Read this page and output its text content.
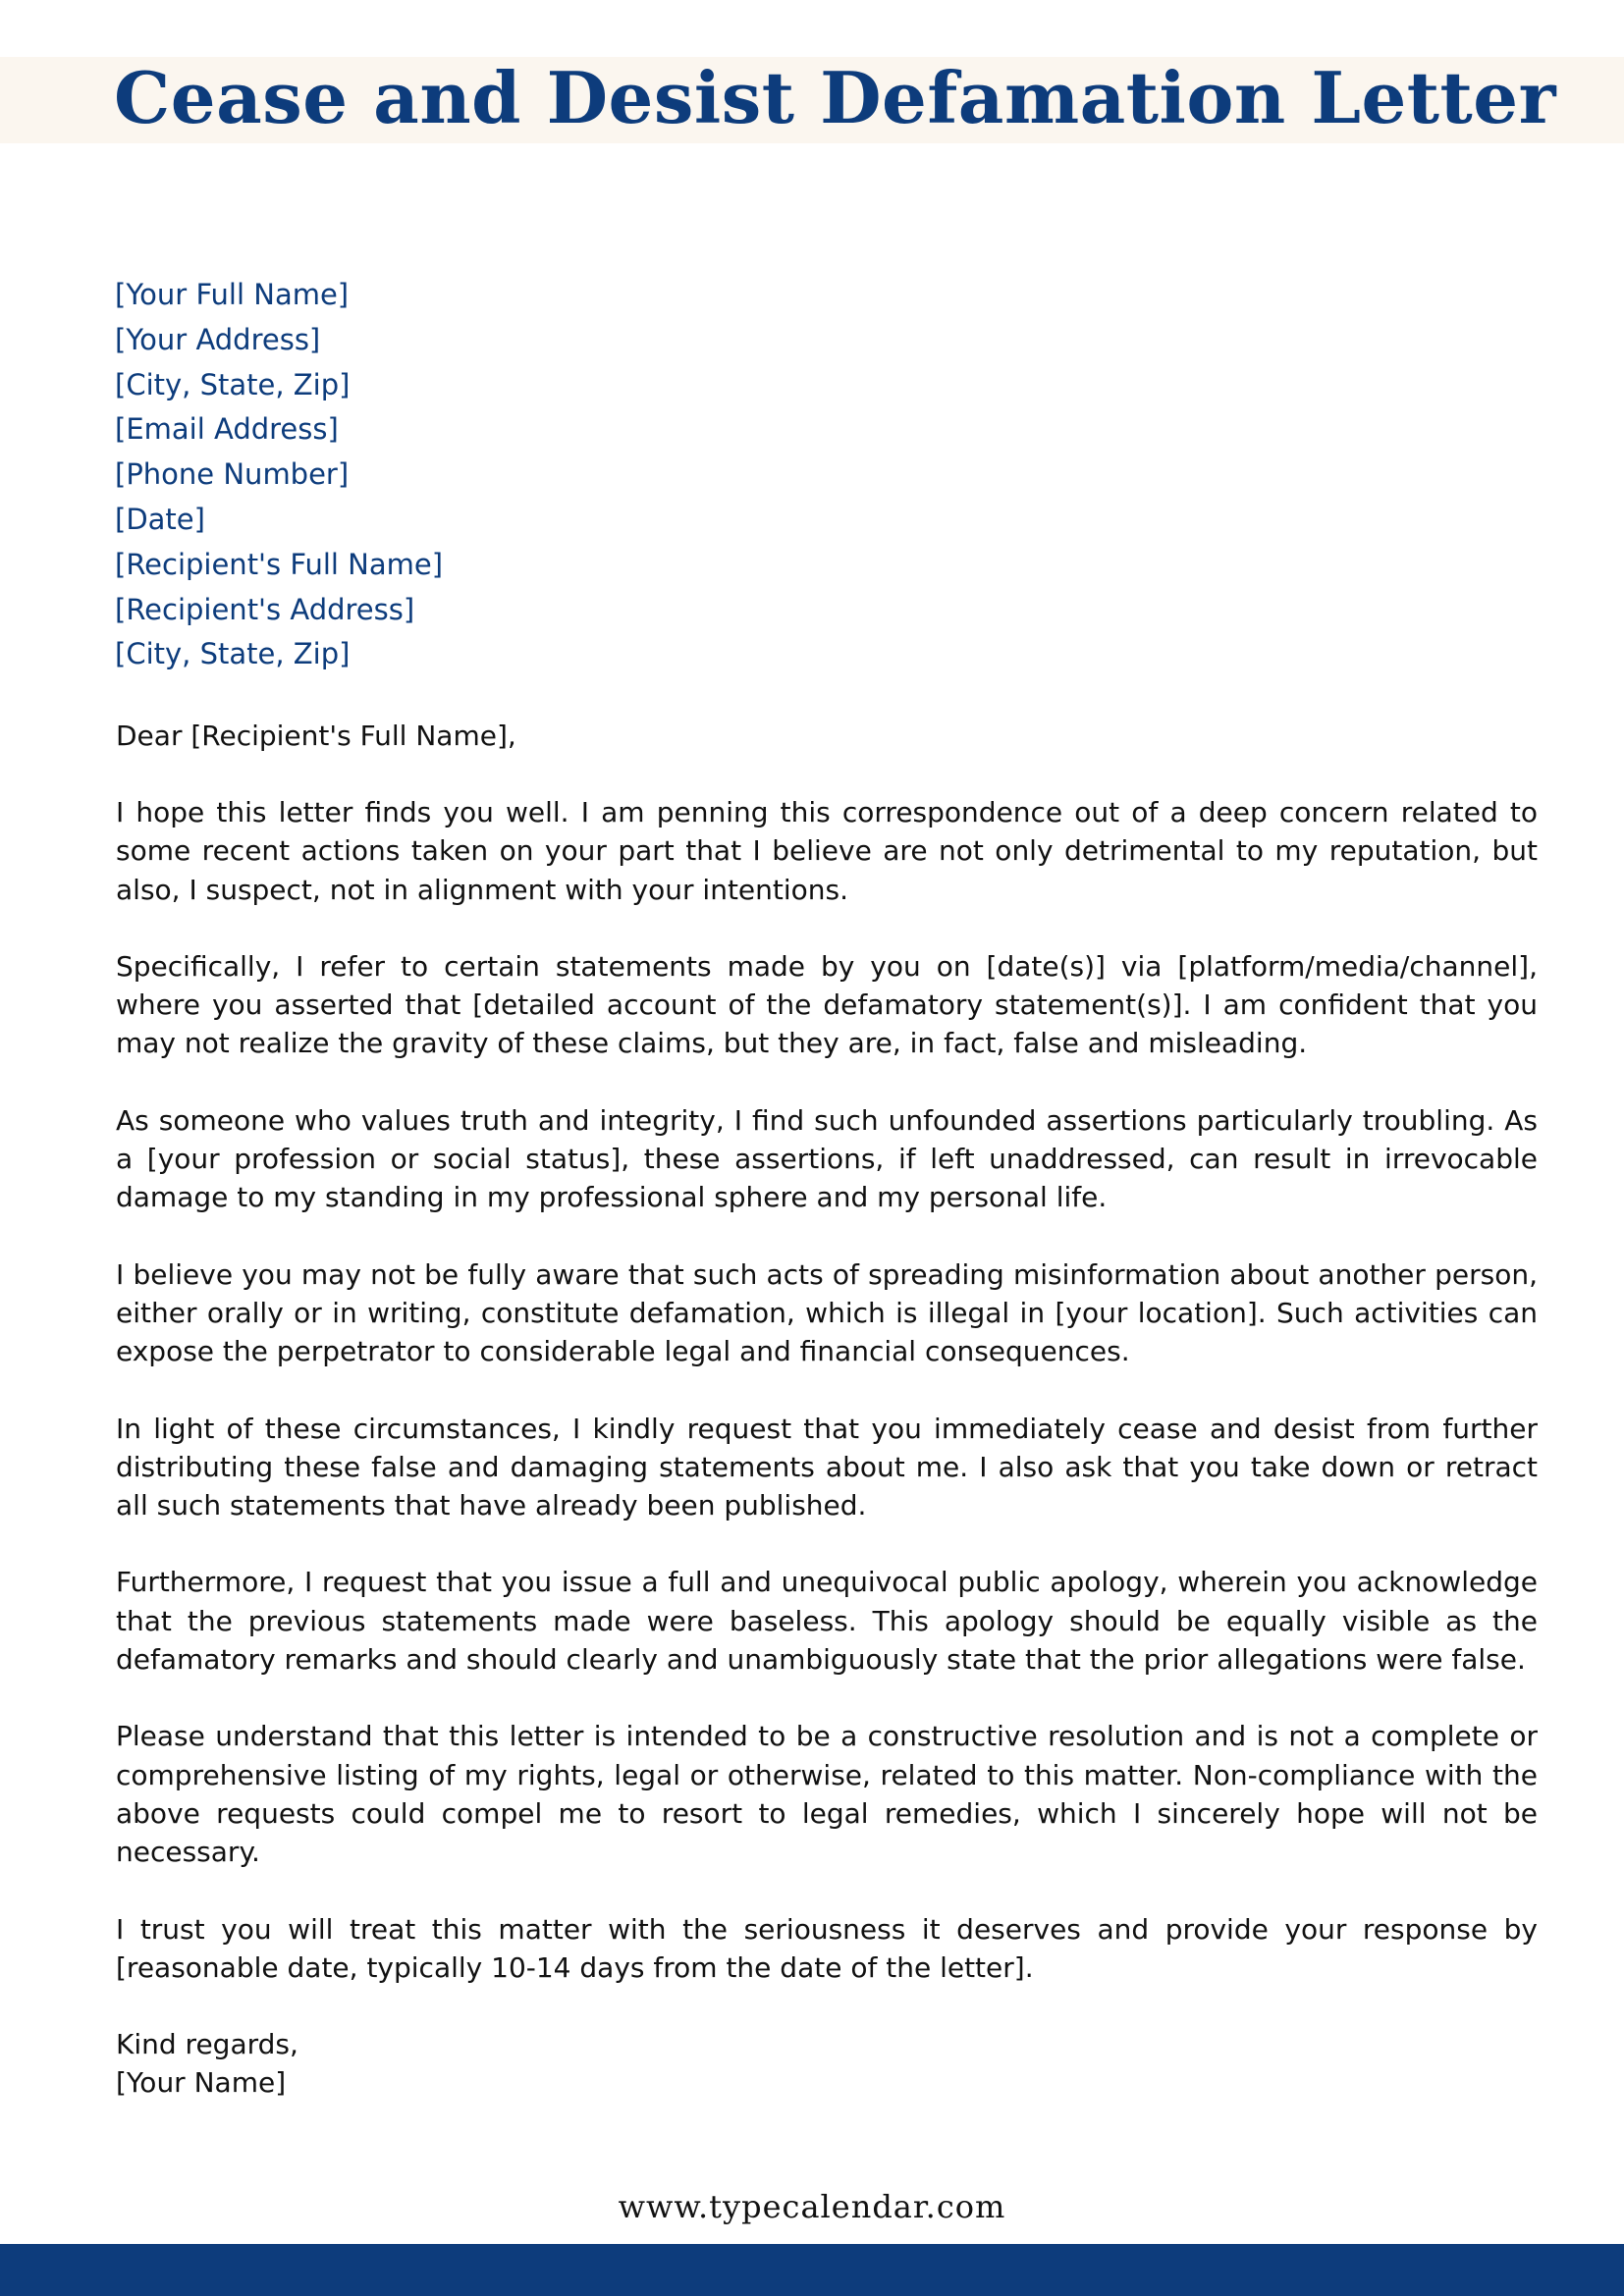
Cease and Desist Defamation Letter
[Your Full Name]
[Your Address]
[City, State, Zip]
[Email Address]
[Phone Number]
[Date]
[Recipient's Full Name]
[Recipient's Address]
[City, State, Zip]

Dear [Recipient's Full Name],

I hope this letter finds you well. I am penning this correspondence out of a deep concern related to some recent actions taken on your part that I believe are not only detrimental to my reputation, but also, I suspect, not in alignment with your intentions.

Specifically, I refer to certain statements made by you on [date(s)] via [platform/media/channel], where you asserted that [detailed account of the defamatory statement(s)]. I am confident that you may not realize the gravity of these claims, but they are, in fact, false and misleading.

As someone who values truth and integrity, I find such unfounded assertions particularly troubling. As a [your profession or social status], these assertions, if left unaddressed, can result in irrevocable damage to my standing in my professional sphere and my personal life.

I believe you may not be fully aware that such acts of spreading misinformation about another person, either orally or in writing, constitute defamation, which is illegal in [your location]. Such activities can expose the perpetrator to considerable legal and financial consequences.

In light of these circumstances, I kindly request that you immediately cease and desist from further distributing these false and damaging statements about me. I also ask that you take down or retract all such statements that have already been published.

Furthermore, I request that you issue a full and unequivocal public apology, wherein you acknowledge that the previous statements made were baseless. This apology should be equally visible as the defamatory remarks and should clearly and unambiguously state that the prior allegations were false.

Please understand that this letter is intended to be a constructive resolution and is not a complete or comprehensive listing of my rights, legal or otherwise, related to this matter. Non-compliance with the above requests could compel me to resort to legal remedies, which I sincerely hope will not be necessary.

I trust you will treat this matter with the seriousness it deserves and provide your response by [reasonable date, typically 10-14 days from the date of the letter].

Kind regards,
[Your Name]
www.typecalendar.com
